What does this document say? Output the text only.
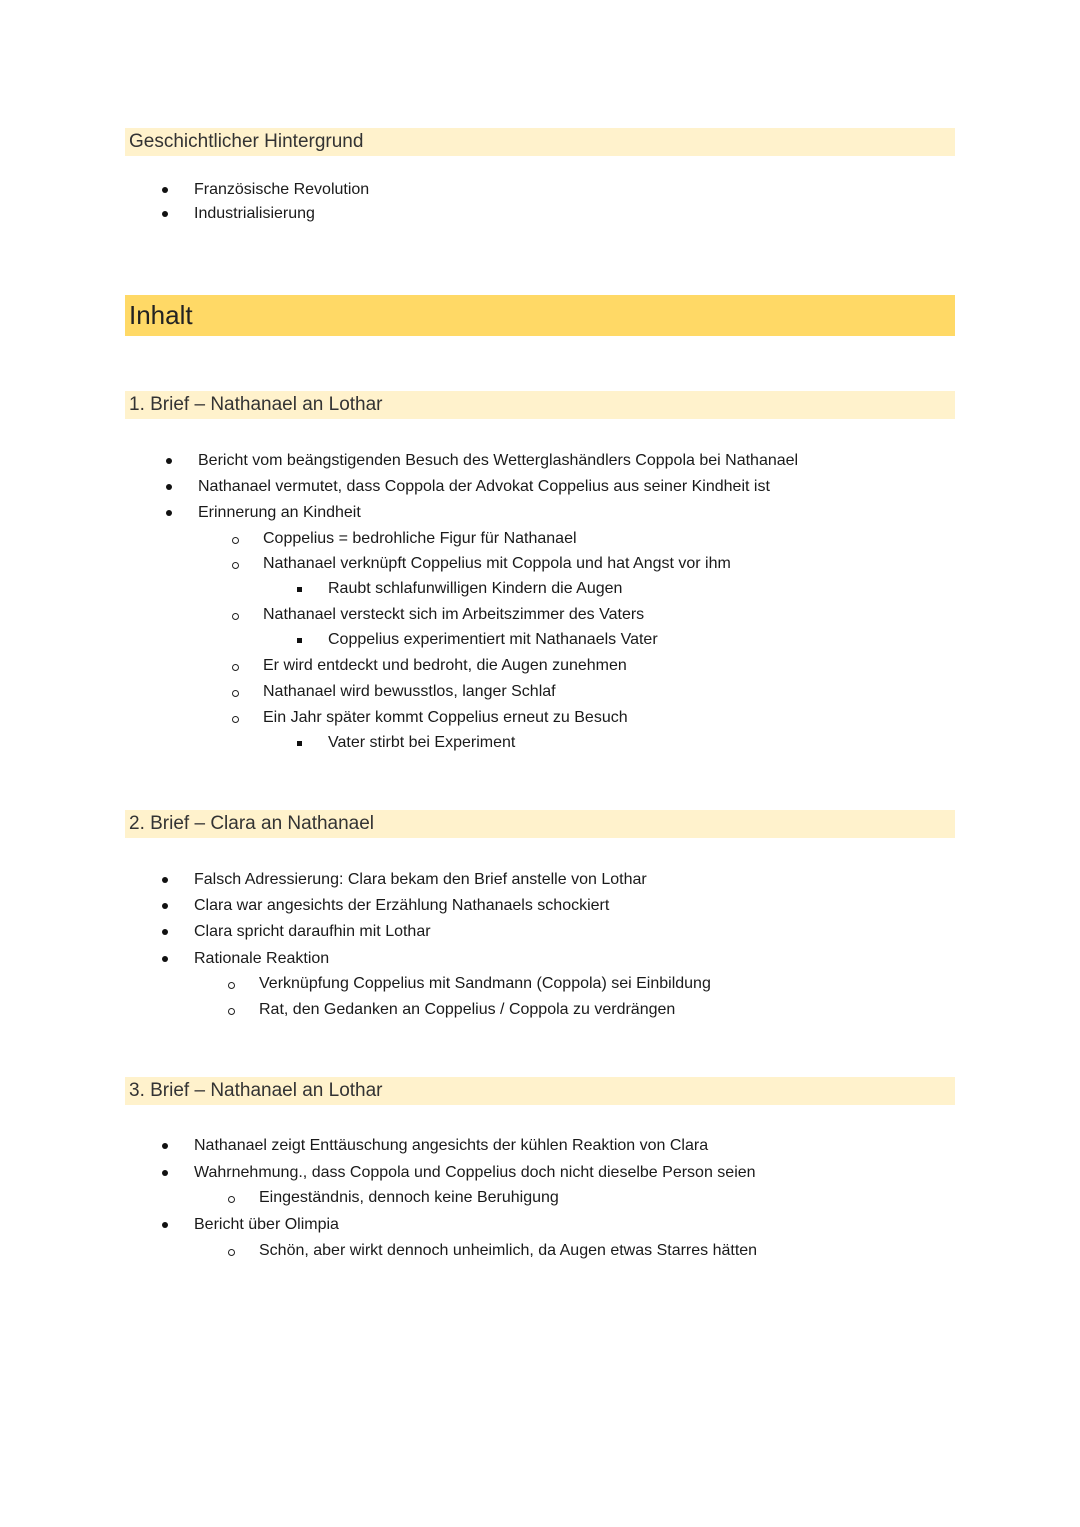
Geschichtlicher Hintergrund
Französische Revolution
Industrialisierung
Inhalt
1. Brief – Nathanael an Lothar
Bericht vom beängstigenden Besuch des Wetterglashändlers Coppola bei Nathanael
Nathanael vermutet, dass Coppola der Advokat Coppelius aus seiner Kindheit ist
Erinnerung an Kindheit
Coppelius = bedrohliche Figur für Nathanael
Nathanael verknüpft Coppelius mit Coppola und hat Angst vor ihm
Raubt schlafunwilligen Kindern die Augen
Nathanael versteckt sich im Arbeitszimmer des Vaters
Coppelius experimentiert mit Nathanaels Vater
Er wird entdeckt und bedroht, die Augen zunehmen
Nathanael wird bewusstlos, langer Schlaf
Ein Jahr später kommt Coppelius erneut zu Besuch
Vater stirbt bei Experiment
2. Brief – Clara an Nathanael
Falsch Adressierung: Clara bekam den Brief anstelle von Lothar
Clara war angesichts der Erzählung Nathanaels schockiert
Clara spricht daraufhin mit Lothar
Rationale Reaktion
Verknüpfung Coppelius mit Sandmann (Coppola) sei Einbildung
Rat, den Gedanken an Coppelius / Coppola zu verdrängen
3. Brief – Nathanael an Lothar
Nathanael zeigt Enttäuschung angesichts der kühlen Reaktion von Clara
Wahrnehmung., dass Coppola und Coppelius doch nicht dieselbe Person seien
Eingeständnis, dennoch keine Beruhigung
Bericht über Olimpia
Schön, aber wirkt dennoch unheimlich, da Augen etwas Starres hätten
